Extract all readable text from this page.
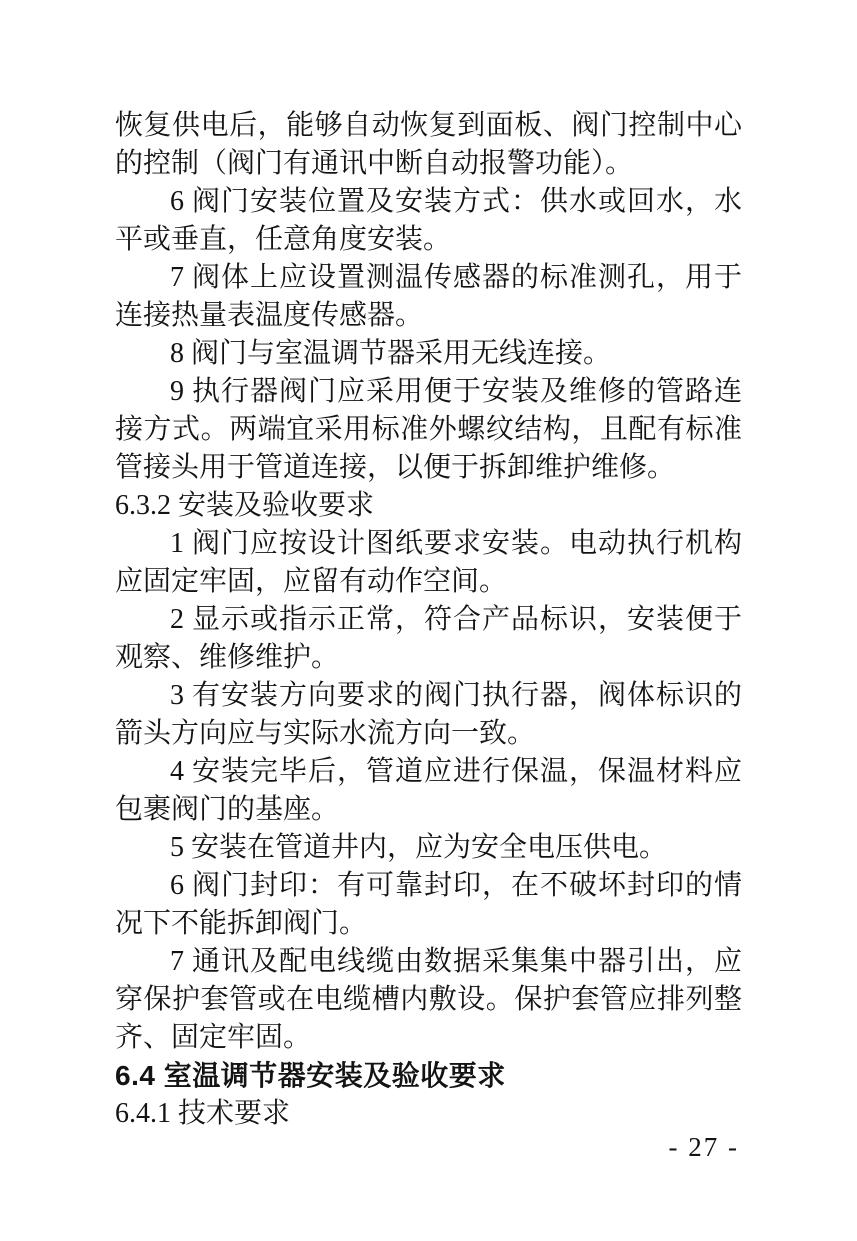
恢复供电后，能够自动恢复到面板、阀门控制中心的控制（阀门有通讯中断自动报警功能）。

6 阀门安装位置及安装方式：供水或回水，水平或垂直，任意角度安装。

7 阀体上应设置测温传感器的标准测孔，用于连接热量表温度传感器。

8 阀门与室温调节器采用无线连接。

9 执行器阀门应采用便于安装及维修的管路连接方式。两端宜采用标准外螺纹结构，且配有标准管接头用于管道连接，以便于拆卸维护维修。

6.3.2 安装及验收要求

1 阀门应按设计图纸要求安装。电动执行机构应固定牢固，应留有动作空间。

2 显示或指示正常，符合产品标识，安装便于观察、维修维护。

3 有安装方向要求的阀门执行器，阀体标识的箭头方向应与实际水流方向一致。

4 安装完毕后，管道应进行保温，保温材料应包裹阀门的基座。

5 安装在管道井内，应为安全电压供电。

6 阀门封印：有可靠封印，在不破坏封印的情况下不能拆卸阀门。

7 通讯及配电线缆由数据采集集中器引出，应穿保护套管或在电缆槽内敷设。保护套管应排列整齐、固定牢固。

6.4 室温调节器安装及验收要求

6.4.1 技术要求

- 27 -
